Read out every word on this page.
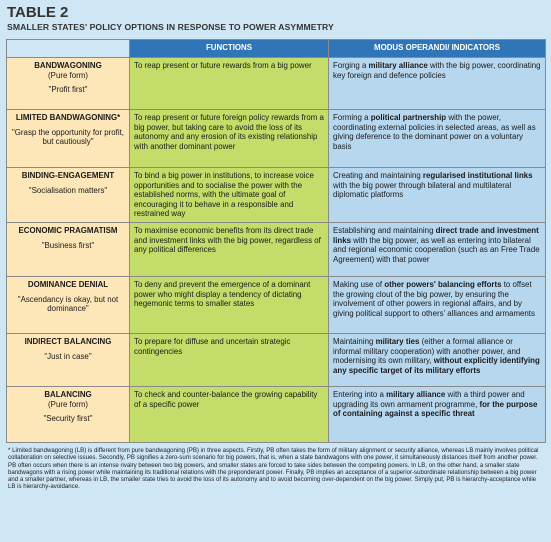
TABLE 2
SMALLER STATES' POLICY OPTIONS IN RESPONSE TO POWER ASYMMETRY
	FUNCTIONS	MODUS OPERANDI/ INDICATORS

BANDWAGONING
(Pure form)
"Profit first"	To reap present or future rewards from a big power	Forging a military alliance with the big power, coordinating key foreign and defence policies

LIMITED BANDWAGONING*
"Grasp the opportunity for profit, but cautiously"	To reap present or future foreign policy rewards from a big power, but taking care to avoid the loss of its autonomy and any erosion of its existing relationship with another dominant power	Forming a political partnership with the power, coordinating external policies in selected areas, as well as giving deference to the dominant power on a voluntary basis

BINDING-ENGAGEMENT
"Socialisation matters"	To bind a big power in institutions, to increase voice opportunities and to socialise the power with the established norms, with the ultimate goal of encouraging it to behave in a responsible and restrained way	Creating and maintaining regularised institutional links with the big power through bilateral and multilateral diplomatic platforms

ECONOMIC PRAGMATISM
"Business first"	To maximise economic benefits from its direct trade and investment links with the big power, regardless of any political differences	Establishing and maintaining direct trade and investment links with the big power, as well as entering into bilateral and regional economic cooperation (such as an Free Trade Agreement) with that power

DOMINANCE DENIAL
"Ascendancy is okay, but not dominance"	To deny and prevent the emergence of a dominant power who might display a tendency of dictating hegemonic terms to smaller states	Making use of other powers' balancing efforts to offset the growing clout of the big power, by ensuring the involvement of other powers in regional affairs, and by giving political support to others' alliances and armaments

INDIRECT BALANCING
"Just in case"	To prepare for diffuse and uncertain strategic contingencies	Maintaining military ties (either a formal alliance or informal military cooperation) with another power, and modernising its own military, without explicitly identifying any specific target of its military efforts

BALANCING
(Pure form)
"Security first"	To check and counter-balance the growing capability of a specific power	Entering into a military alliance with a third power and upgrading its own armament programme, for the purpose of containing against a specific threat
* Limited bandwagoning (LB) is different from pure bandwagoning (PB) in three aspects. Firstly, PB often takes the form of military alignment or security alliance, whereas LB mainly involves political collaboration on selective issues. Secondly, PB signifies a zero-sum scenario for big powers, that is, when a state bandwagons with one power, it simultaneously distances itself from another power. PB often occurs when there is an intense rivalry between two big powers, and smaller states are forced to take sides between the competing powers. In LB, on the other hand, a smaller state bandwagons with a rising power while maintaining its traditional relations with the preponderant power. Finally, PB implies an acceptance of a superior-subordinate relationship between a big power and a smaller partner, whereas in LB, the smaller state tries to avoid the loss of its autonomy and to avoid becoming over-dependent on the big power. Simply put, PB is hierarchy-acceptance while LB is hierarchy-avoidance.
